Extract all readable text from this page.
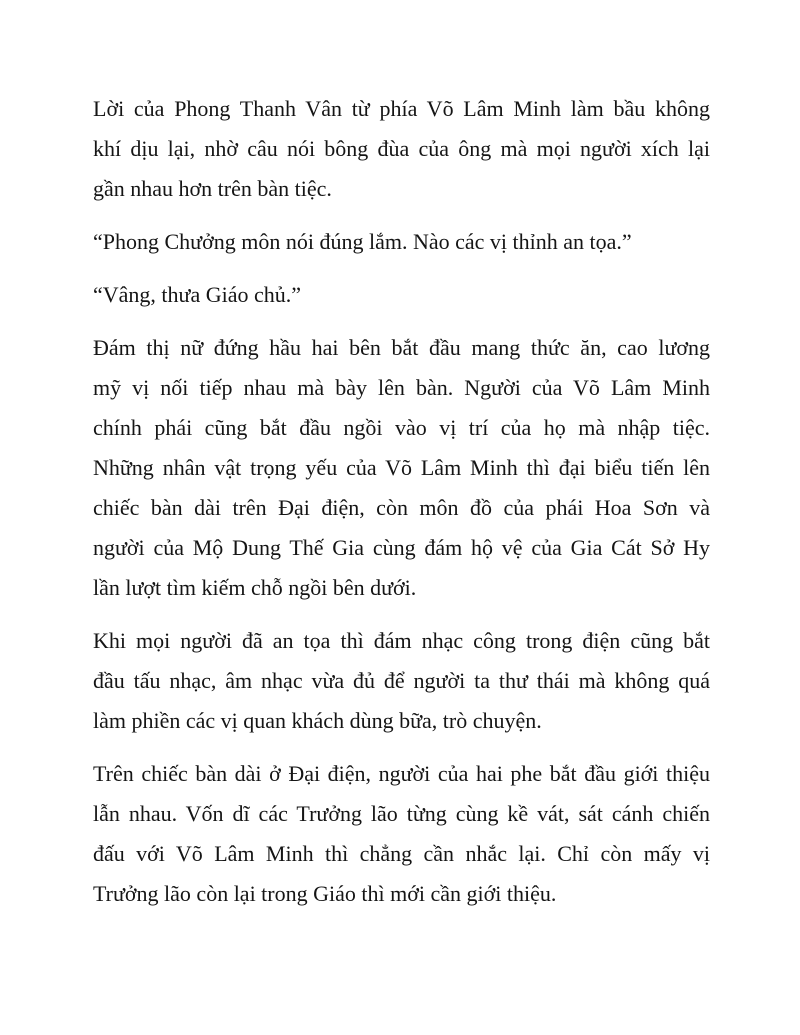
Lời của Phong Thanh Vân từ phía Võ Lâm Minh làm bầu không
khí dịu lại, nhờ câu nói bông đùa của ông mà mọi người xích lại
gần nhau hơn trên bàn tiệc.

“Phong Chưởng môn nói đúng lắm. Nào các vị thỉnh an tọa.”

“Vâng, thưa Giáo chủ.”

Đám thị nữ đứng hầu hai bên bắt đầu mang thức ăn, cao lương
mỹ vị nối tiếp nhau mà bày lên bàn. Người của Võ Lâm Minh
chính phái cũng bắt đầu ngồi vào vị trí của họ mà nhập tiệc.
Những nhân vật trọng yếu của Võ Lâm Minh thì đại biểu tiến lên
chiếc bàn dài trên Đại điện, còn môn đồ của phái Hoa Sơn và
người của Mộ Dung Thế Gia cùng đám hộ vệ của Gia Cát Sở Hy
lần lượt tìm kiếm chỗ ngồi bên dưới.

Khi mọi người đã an tọa thì đám nhạc công trong điện cũng bắt
đầu tấu nhạc, âm nhạc vừa đủ để người ta thư thái mà không quá
làm phiền các vị quan khách dùng bữa, trò chuyện.

Trên chiếc bàn dài ở Đại điện, người của hai phe bắt đầu giới thiệu
lẫn nhau. Vốn dĩ các Trưởng lão từng cùng kề vát, sát cánh chiến
đấu với Võ Lâm Minh thì chẳng cần nhắc lại. Chỉ còn mấy vị
Trưởng lão còn lại trong Giáo thì mới cần giới thiệu.
